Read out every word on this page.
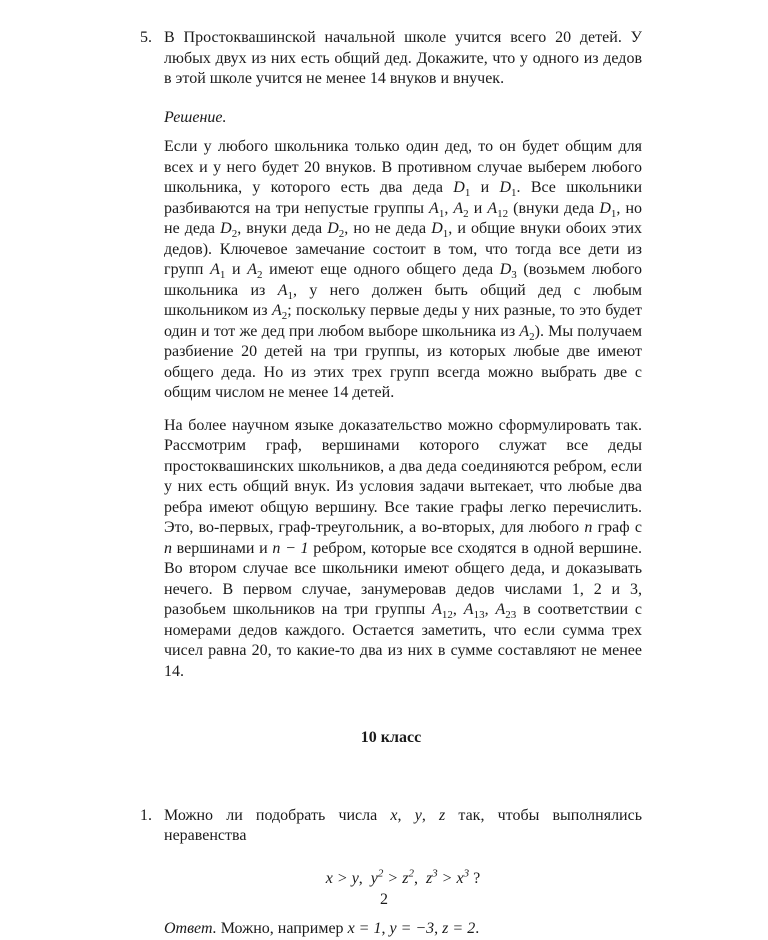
5. В Простоквашинской начальной школе учится всего 20 детей. У любых двух из них есть общий дед. Докажите, что у одного из дедов в этой школе учится не менее 14 внуков и внучек.

Решение.

Если у любого школьника только один дед, то он будет общим для всех и у него будет 20 внуков. В противном случае выберем любого школьника, у которого есть два деда $D_1$ и $D_1$. Все школьники разбиваются на три непустые группы $A_1$, $A_2$ и $A_{12}$ (внуки деда $D_1$, но не деда $D_2$, внуки деда $D_2$, но не деда $D_1$, и общие внуки обоих этих дедов). Ключевое замечание состоит в том, что тогда все дети из групп $A_1$ и $A_2$ имеют еще одного общего деда $D_3$ (возьмем любого школьника из $A_1$, у него должен быть общий дед с любым школьником из $A_2$; поскольку первые деды у них разные, то это будет один и тот же дед при любом выборе школьника из $A_2$). Мы получаем разбиение 20 детей на три группы, из которых любые две имеют общего деда. Но из этих трех групп всегда можно выбрать две с общим числом не менее 14 детей.

На более научном языке доказательство можно сформулировать так. Рассмотрим граф, вершинами которого служат все деды простоквашинских школьников, а два деда соединяются ребром, если у них есть общий внук. Из условия задачи вытекает, что любые два ребра имеют общую вершину. Все такие графы легко перечислить. Это, во-первых, граф-треугольник, а во-вторых, для любого n граф с n вершинами и n − 1 ребром, которые все сходятся в одной вершине. Во втором случае все школьники имеют общего деда, и доказывать нечего. В первом случае, занумеровав дедов числами 1, 2 и 3, разобьем школьников на три группы $A_{12}$, $A_{13}$, $A_{23}$ в соответствии с номерами дедов каждого. Остается заметить, что если сумма трех чисел равна 20, то какие-то два из них в сумме составляют не менее 14.

10 класс

1. Можно ли подобрать числа x, y, z так, чтобы выполнялись неравенства

x > y, $y^2 > z^2$, $z^3 > x^3$ ?

Ответ. Можно, например x = 1, y = −3, z = 2.

2
